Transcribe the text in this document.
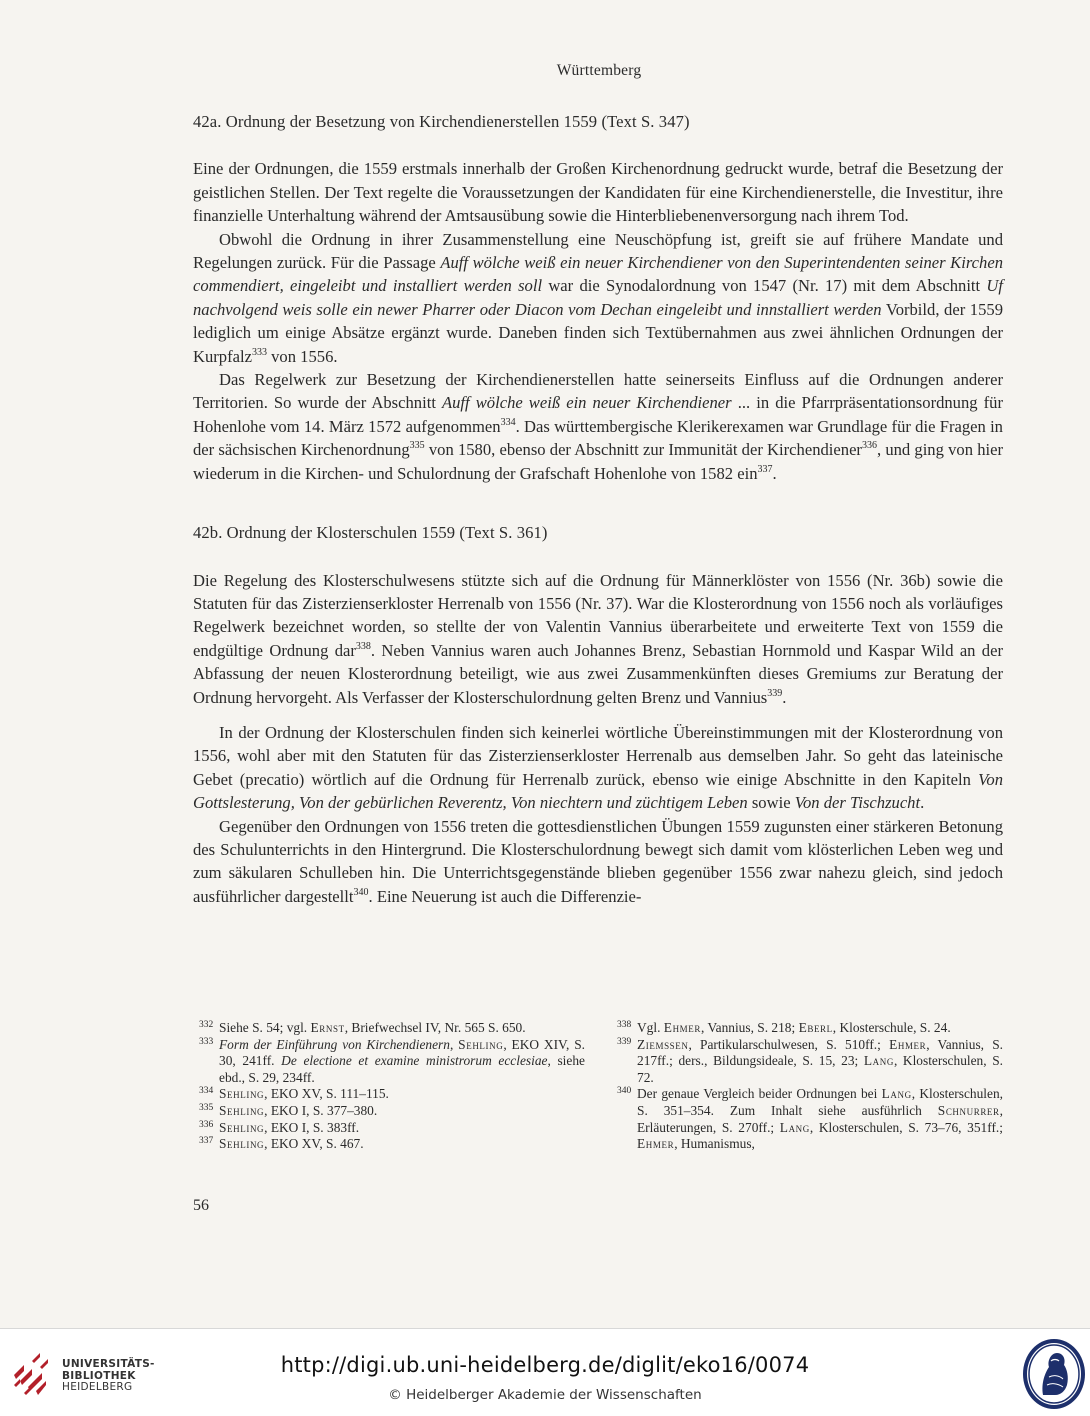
Württemberg
42a. Ordnung der Besetzung von Kirchendienerstellen 1559 (Text S. 347)

Eine der Ordnungen, die 1559 erstmals innerhalb der Großen Kirchenordnung gedruckt wurde, betraf die Besetzung der geistlichen Stellen. Der Text regelte die Voraussetzungen der Kandidaten für eine Kirchendienerstelle, die Investitur, ihre finanzielle Unterhaltung während der Amtsausübung sowie die Hinterbliebenenversorgung nach ihrem Tod.

Obwohl die Ordnung in ihrer Zusammenstellung eine Neuschöpfung ist, greift sie auf frühere Mandate und Regelungen zurück. Für die Passage Auff wölche weiß ein neuer Kirchendiener von den Superintendenten seiner Kirchen commendiert, eingeleibt und installiert werden soll war die Synodalordnung von 1547 (Nr. 17) mit dem Abschnitt Uf nachvolgend weis solle ein newer Pharrer oder Diacon vom Dechan eingeleibt und innstalliert werden Vorbild, der 1559 lediglich um einige Absätze ergänzt wurde. Daneben finden sich Textübernahmen aus zwei ähnlichen Ordnungen der Kurpfalz$^{333}$ von 1556.

Das Regelwerk zur Besetzung der Kirchendienerstellen hatte seinerseits Einfluss auf die Ordnungen anderer Territorien. So wurde der Abschnitt Auff wölche weiß ein neuer Kirchendiener ... in die Pfarrpräsentationsordnung für Hohenlohe vom 14. März 1572 aufgenommen$^{334}$. Das württembergische Klerikerexamen war Grundlage für die Fragen in der sächsischen Kirchenordnung$^{335}$ von 1580, ebenso der Abschnitt zur Immunität der Kirchendiener$^{336}$, und ging von hier wiederum in die Kirchen- und Schulordnung der Grafschaft Hohenlohe von 1582 ein$^{337}$.

42b. Ordnung der Klosterschulen 1559 (Text S. 361)

Die Regelung des Klosterschulwesens stützte sich auf die Ordnung für Männerklöster von 1556 (Nr. 36b) sowie die Statuten für das Zisterzienserkloster Herrenalb von 1556 (Nr. 37). War die Klosterordnung von 1556 noch als vorläufiges Regelwerk bezeichnet worden, so stellte der von Valentin Vannius überarbeitete und erweiterte Text von 1559 die endgültige Ordnung dar$^{338}$. Neben Vannius waren auch Johannes Brenz, Sebastian Hornmold und Kaspar Wild an der Abfassung der neuen Klosterordnung beteiligt, wie aus zwei Zusammenkünften dieses Gremiums zur Beratung der Ordnung hervorgeht. Als Verfasser der Klosterschulordnung gelten Brenz und Vannius$^{339}$.

In der Ordnung der Klosterschulen finden sich keinerlei wörtliche Übereinstimmungen mit der Klosterordnung von 1556, wohl aber mit den Statuten für das Zisterzienserkloster Herrenalb aus demselben Jahr. So geht das lateinische Gebet (precatio) wörtlich auf die Ordnung für Herrenalb zurück, ebenso wie einige Abschnitte in den Kapiteln Von Gottslesterung, Von der gebürlichen Reverentz, Von niechtern und züchtigem Leben sowie Von der Tischzucht.

Gegenüber den Ordnungen von 1556 treten die gottesdienstlichen Übungen 1559 zugunsten einer stärkeren Betonung des Schulunterrichts in den Hintergrund. Die Klosterschulordnung bewegt sich damit vom klösterlichen Leben weg und zum säkularen Schulleben hin. Die Unterrichtsgegenstände blieben gegenüber 1556 zwar nahezu gleich, sind jedoch ausführlicher dargestellt$^{340}$. Eine Neuerung ist auch die Differenzie-

332 Siehe S. 54; vgl. Ernst, Briefwechsel IV, Nr. 565 S. 650.

333 Form der Einführung von Kirchendienern, Sehling, EKO XIV, S. 30, 241ff. De electione et examine ministrorum ecclesiae, siehe ebd., S. 29, 234ff.

334 Sehling, EKO XV, S. 111–115.

335 Sehling, EKO I, S. 377–380.

336 Sehling, EKO I, S. 383ff.

337 Sehling, EKO XV, S. 467.

338 Vgl. Ehmer, Vannius, S. 218; Eberl, Klosterschule, S. 24.

339 Ziemssen, Partikularschulwesen, S. 510ff.; Ehmer, Vannius, S. 217ff.; ders., Bildungsideale, S. 15, 23; Lang, Klosterschulen, S. 72.

340 Der genaue Vergleich beider Ordnungen bei Lang, Klosterschulen, S. 351–354. Zum Inhalt siehe ausführlich Schnurrer, Erläuterungen, S. 270ff.; Lang, Klosterschulen, S. 73–76, 351ff.; Ehmer, Humanismus,

56
UNIVERSITÄTS-
BIBLIOTHEK
HEIDELBERG
http://digi.ub.uni-heidelberg.de/diglit/eko16/0074
© Heidelberger Akademie der Wissenschaften
